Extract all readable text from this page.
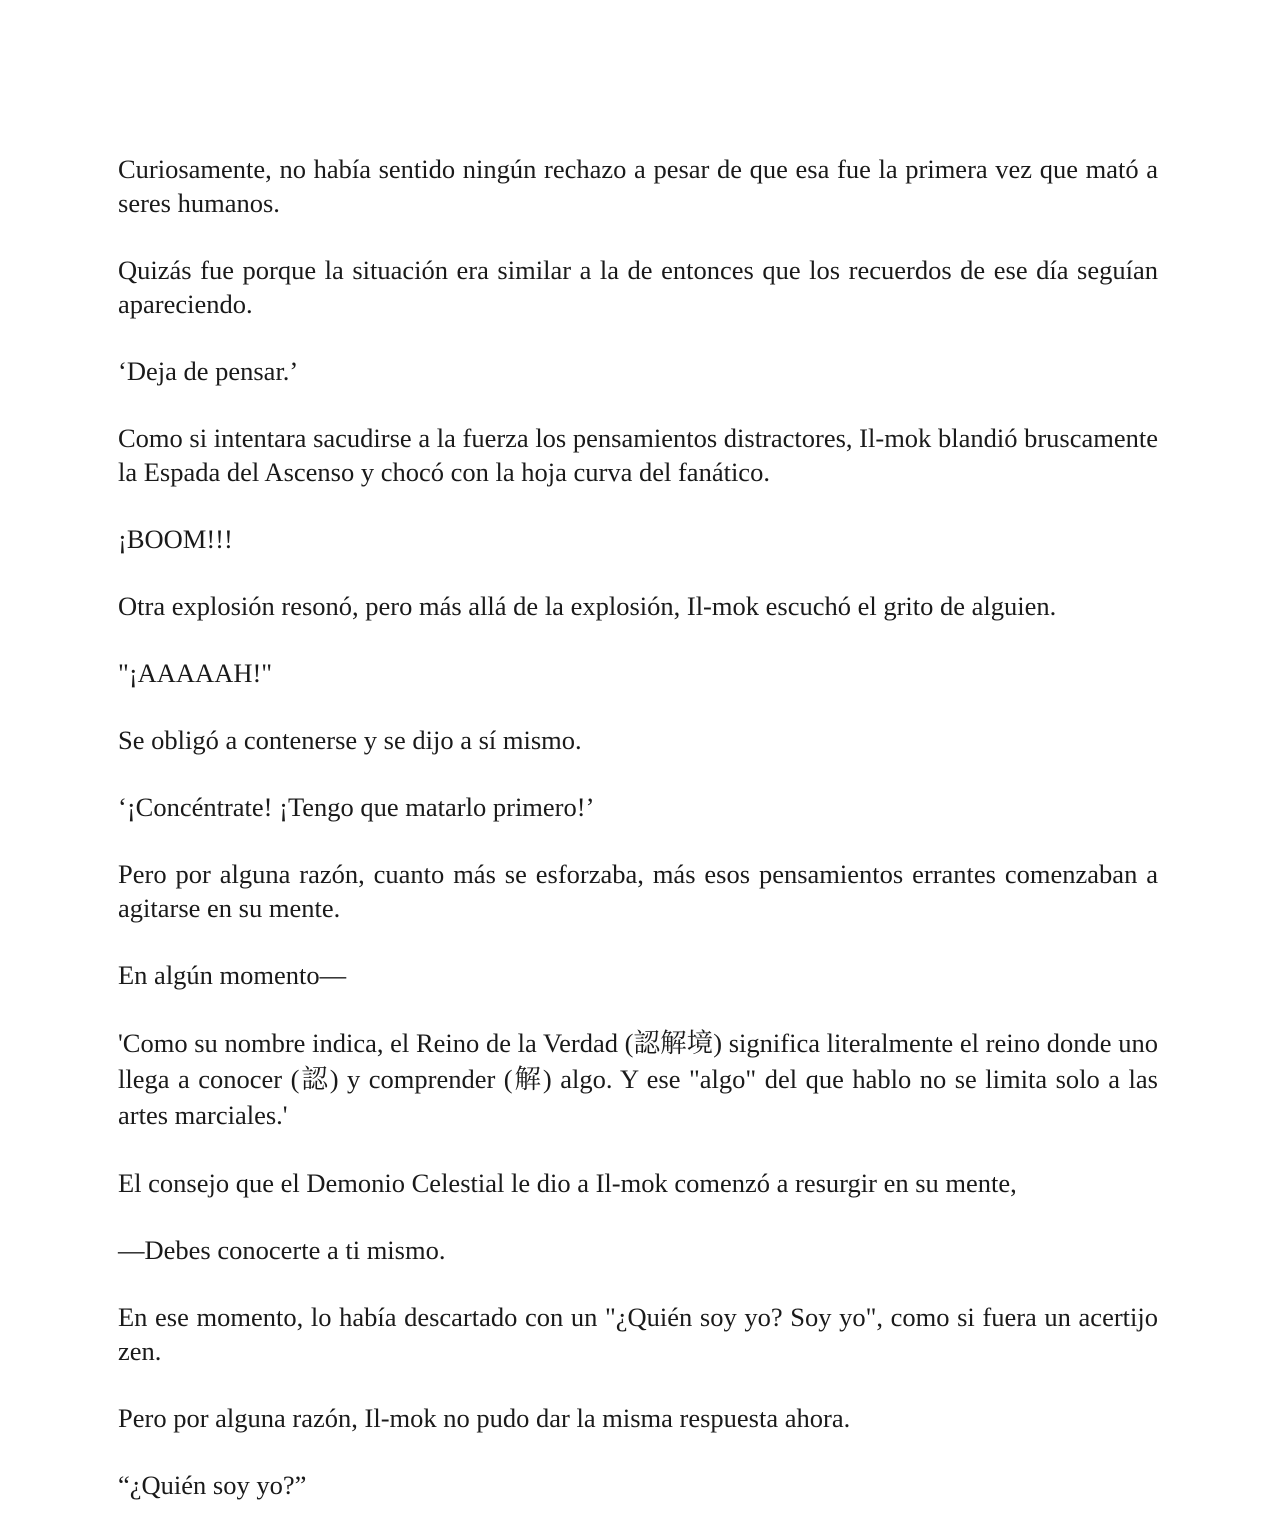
Curiosamente, no había sentido ningún rechazo a pesar de que esa fue la primera vez que mató a seres humanos.

Quizás fue porque la situación era similar a la de entonces que los recuerdos de ese día seguían apareciendo.

‘Deja de pensar.’

Como si intentara sacudirse a la fuerza los pensamientos distractores, Il-mok blandió bruscamente la Espada del Ascenso y chocó con la hoja curva del fanático.

¡BOOM!!!

Otra explosión resonó, pero más allá de la explosión, Il-mok escuchó el grito de alguien.

"¡AAAAAH!"

Se obligó a contenerse y se dijo a sí mismo.

‘¡Concéntrate! ¡Tengo que matarlo primero!’

Pero por alguna razón, cuanto más se esforzaba, más esos pensamientos errantes comenzaban a agitarse en su mente.

En algún momento—

'Como su nombre indica, el Reino de la Verdad (認解境) significa literalmente el reino donde uno llega a conocer (認) y comprender (解) algo. Y ese "algo" del que hablo no se limita solo a las artes marciales.'

El consejo que el Demonio Celestial le dio a Il-mok comenzó a resurgir en su mente,

—Debes conocerte a ti mismo.

En ese momento, lo había descartado con un "¿Quién soy yo? Soy yo", como si fuera un acertijo zen.

Pero por alguna razón, Il-mok no pudo dar la misma respuesta ahora.

“¿Quién soy yo?”
